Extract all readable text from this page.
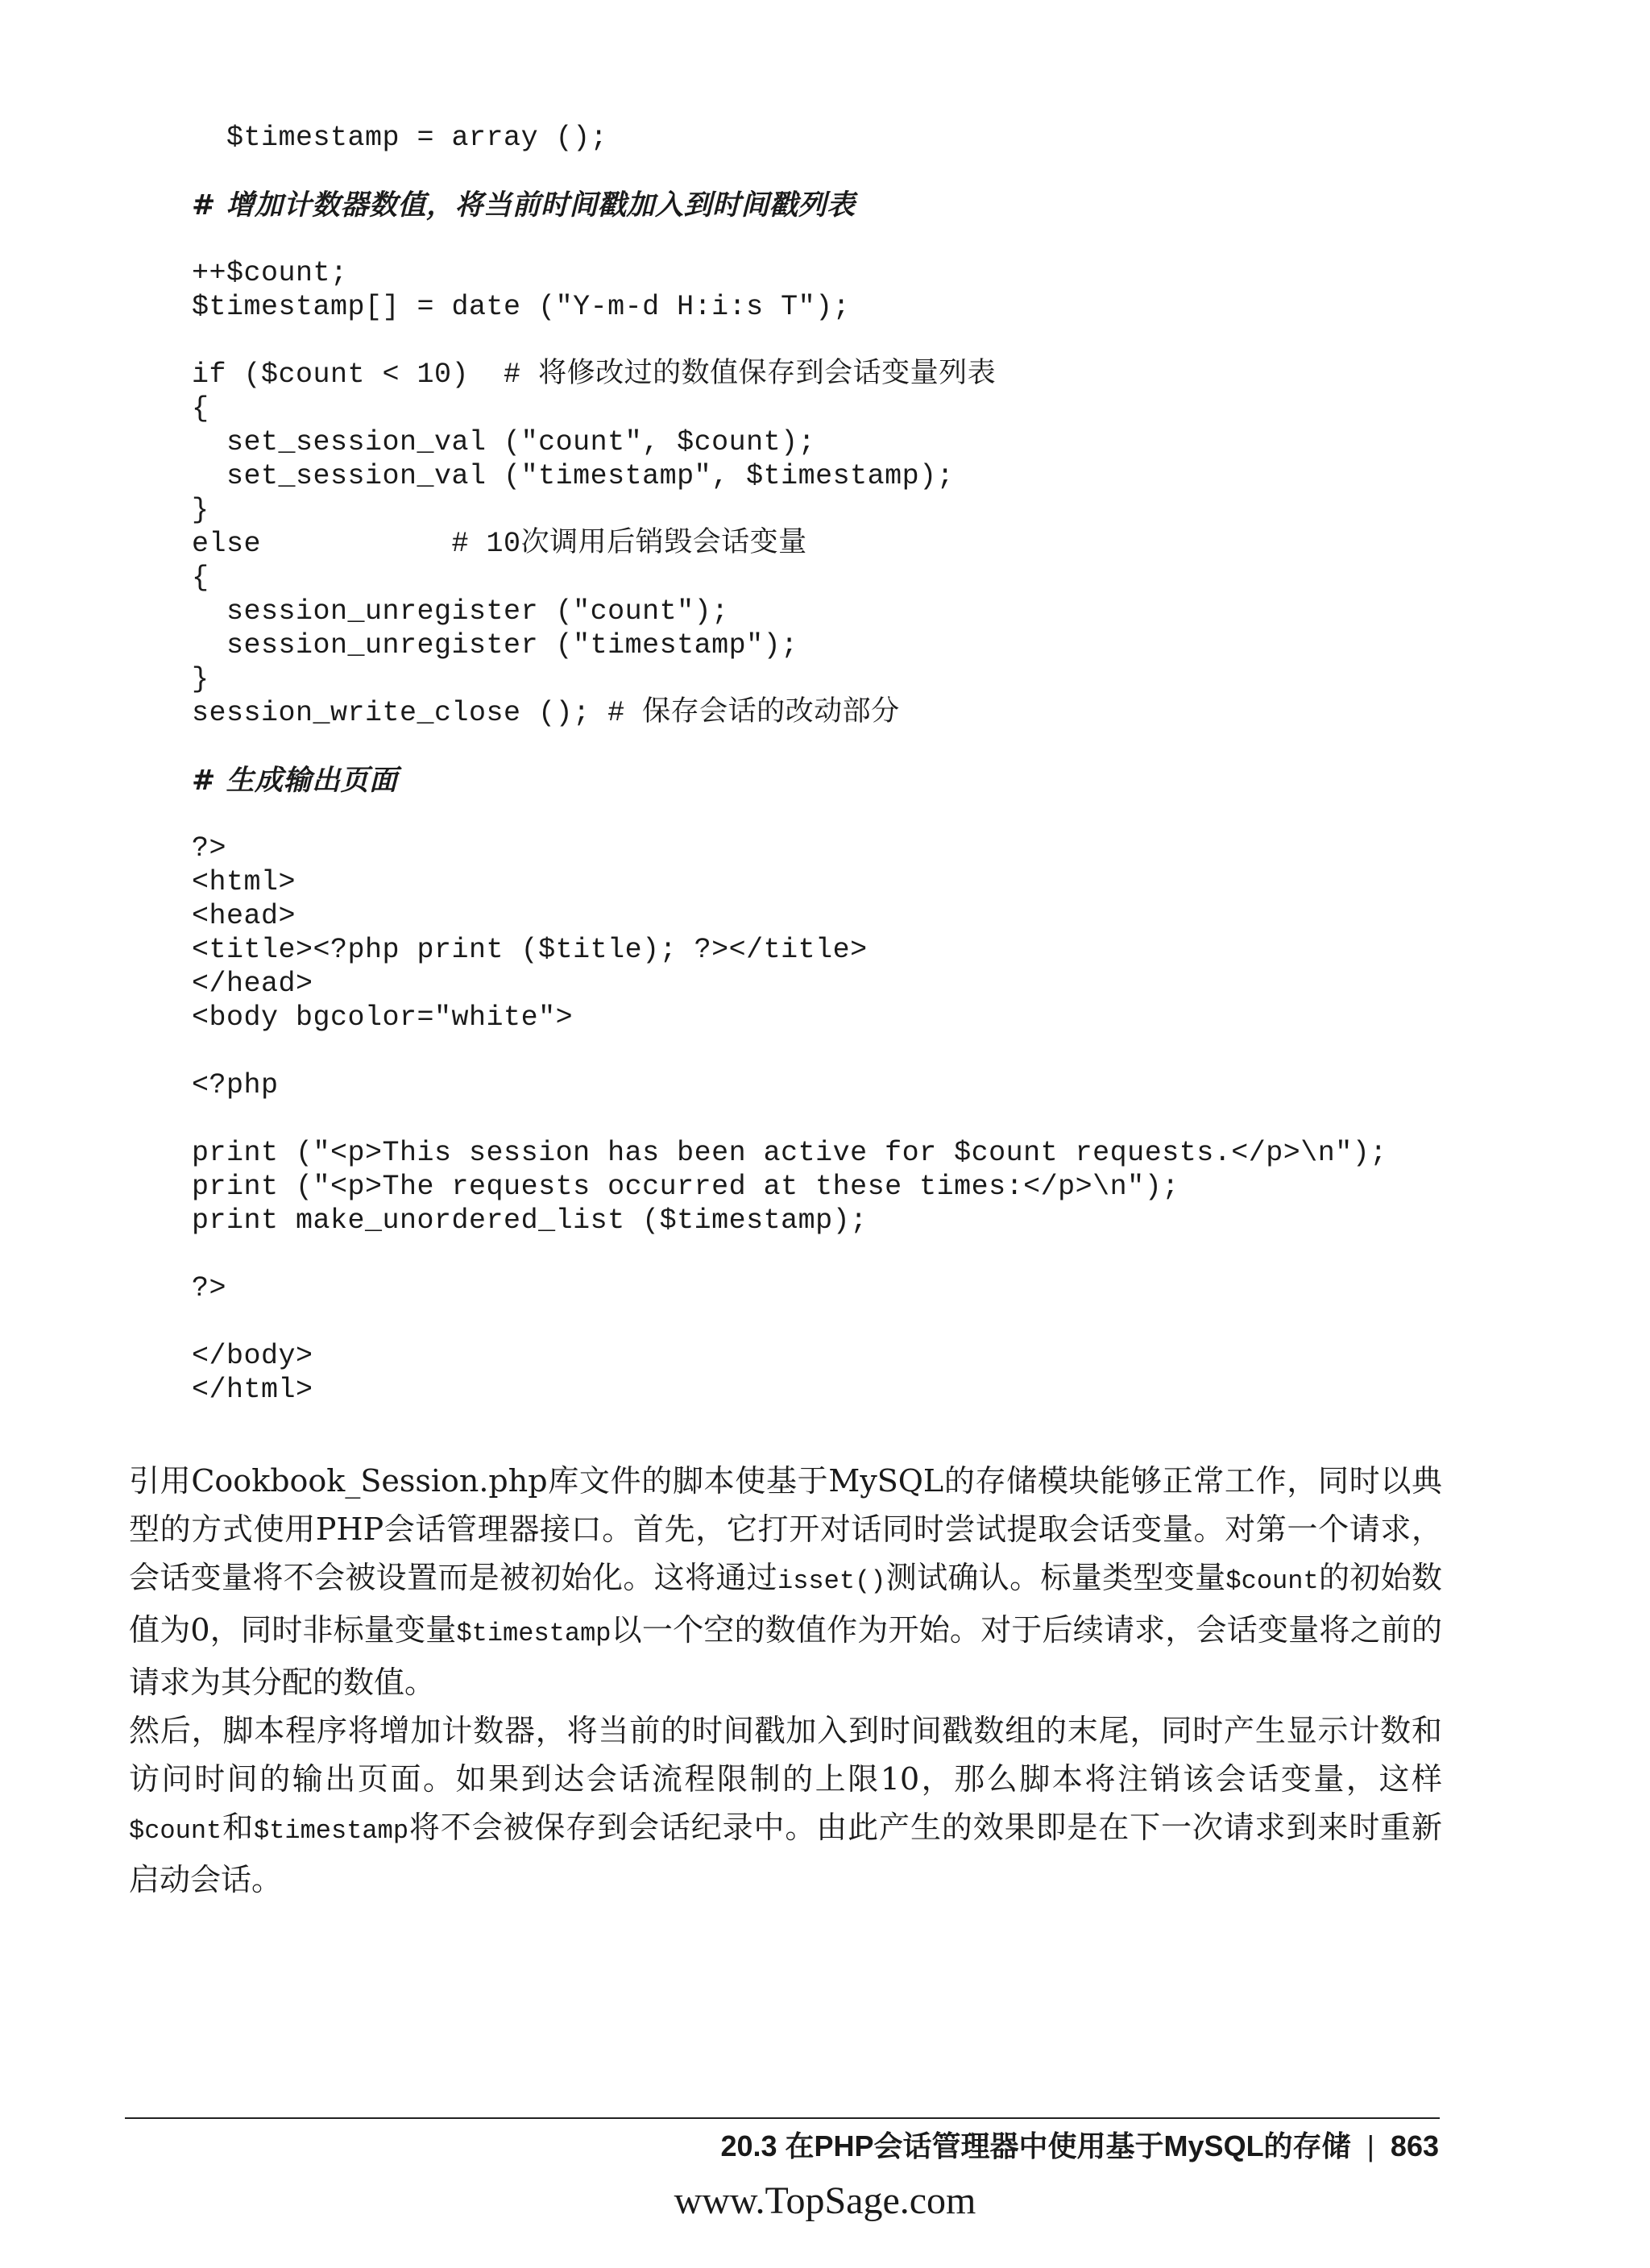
$timestamp = array ();
# 增加计数器数值，将当前时间戳加入到时间戳列表
++$count;
$timestamp[] = date ("Y-m-d H:i:s T");
if ($count < 10)  # 将修改过的数值保存到会话变量列表
{
set_session_val ("count", $count);
set_session_val ("timestamp", $timestamp);
}
else           # 10次调用后销毁会话变量
{
session_unregister ("count");
session_unregister ("timestamp");
}
session_write_close (); # 保存会话的改动部分
# 生成输出页面
?>
<html>
<head>
<title><?php print ($title); ?></title>
</head>
<body bgcolor="white">
<?php
print ("<p>This session has been active for $count requests.</p>\n");
print ("<p>The requests occurred at these times:</p>\n");
print make_unordered_list ($timestamp);
?>
</body>
</html>
引用Cookbook_Session.php库文件的脚本使基于MySQL的存储模块能够正常工作，同时以典型的方式使用PHP会话管理器接口。首先，它打开对话同时尝试提取会话变量。对第一个请求，会话变量将不会被设置而是被初始化。这将通过isset()测试确认。标量类型变量$count的初始数值为0，同时非标量变量$timestamp以一个空的数值作为开始。对于后续请求，会话变量将之前的请求为其分配的数值。
然后，脚本程序将增加计数器，将当前的时间戳加入到时间戳数组的末尾，同时产生显示计数和访问时间的输出页面。如果到达会话流程限制的上限10，那么脚本将注销该会话变量，这样$count和$timestamp将不会被保存到会话纪录中。由此产生的效果即是在下一次请求到来时重新启动会话。
20.3 在PHP会话管理器中使用基于MySQL的存储 | 863
www.TopSage.com
